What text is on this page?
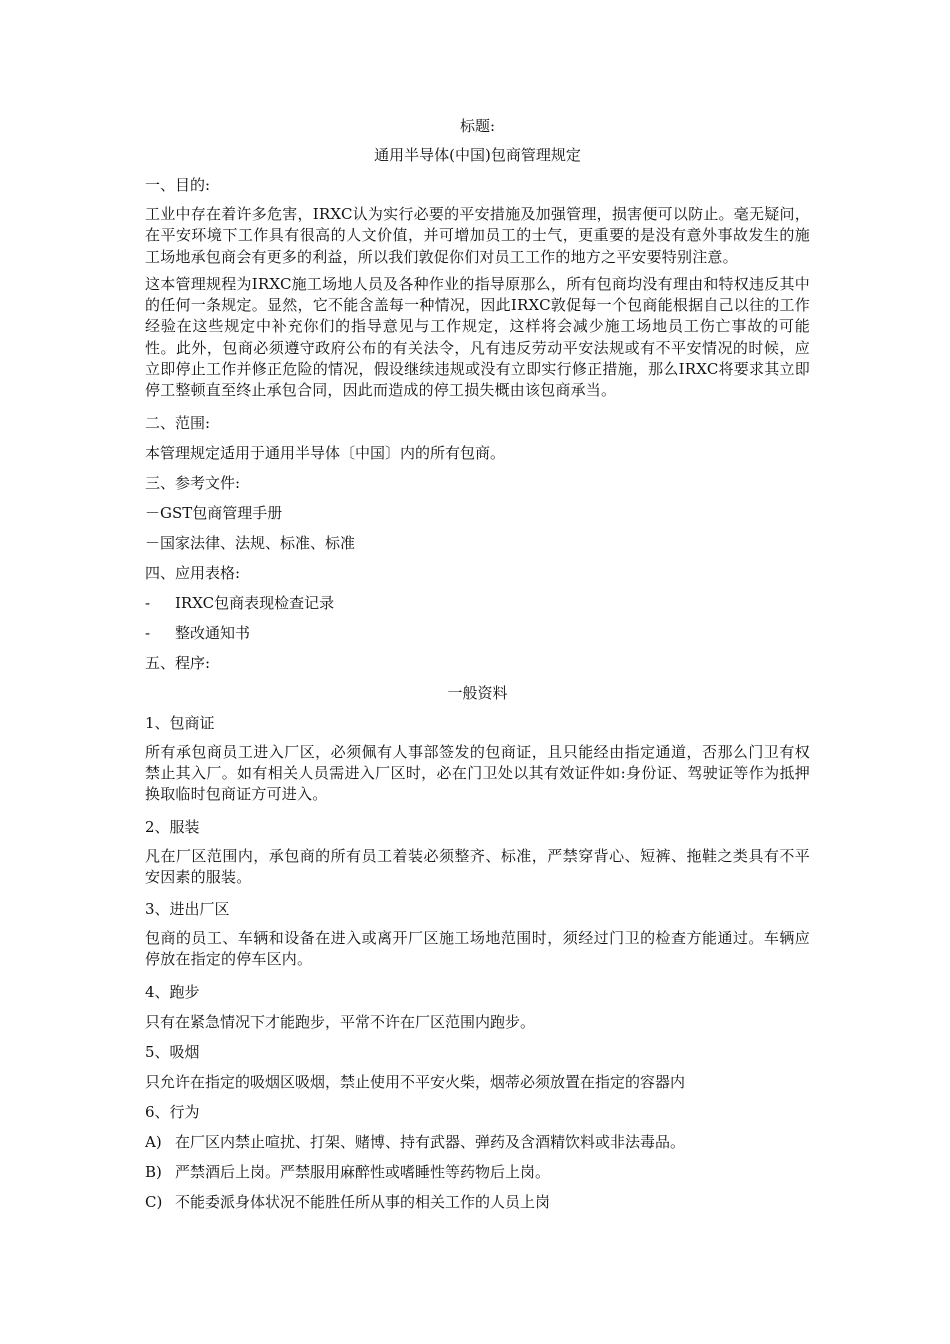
标题:
通用半导体(中国)包商管理规定
一、目的:
工业中存在着许多危害，IRXC认为实行必要的平安措施及加强管理，损害便可以防止。毫无疑问，在平安环境下工作具有很高的人文价值，并可增加员工的士气，更重要的是没有意外事故发生的施工场地承包商会有更多的利益，所以我们敦促你们对员工工作的地方之平安要特别注意。
这本管理规程为IRXC施工场地人员及各种作业的指导原那么，所有包商均没有理由和特权违反其中的任何一条规定。显然，它不能含盖每一种情况，因此IRXC敦促每一个包商能根据自己以往的工作经验在这些规定中补充你们的指导意见与工作规定，这样将会减少施工场地员工伤亡事故的可能性。此外，包商必须遵守政府公布的有关法令，凡有违反劳动平安法规或有不平安情况的时候，应立即停止工作并修正危险的情况，假设继续违规或没有立即实行修正措施，那么IRXC将要求其立即停工整顿直至终止承包合同，因此而造成的停工损失概由该包商承当。
二、范围:
本管理规定适用于通用半导体〔中国〕内的所有包商。
三、参考文件:
－GST包商管理手册
－国家法律、法规、标准、标准
四、应用表格:
- IRXC包商表现检查记录
- 整改通知书
五、程序:
一般资料
1、包商证
所有承包商员工进入厂区，必须佩有人事部签发的包商证，且只能经由指定通道，否那么门卫有权禁止其入厂。如有相关人员需进入厂区时，必在门卫处以其有效证件如:身份证、驾驶证等作为抵押换取临时包商证方可进入。
2、服装
凡在厂区范围内，承包商的所有员工着装必须整齐、标准，严禁穿背心、短裤、拖鞋之类具有不平安因素的服装。
3、进出厂区
包商的员工、车辆和设备在进入或离开厂区施工场地范围时，须经过门卫的检查方能通过。车辆应停放在指定的停车区内。
4、跑步
只有在紧急情况下才能跑步，平常不许在厂区范围内跑步。
5、吸烟
只允许在指定的吸烟区吸烟，禁止使用不平安火柴，烟蒂必须放置在指定的容器内
6、行为
A) 在厂区内禁止喧扰、打架、赌博、持有武器、弹药及含酒精饮料或非法毒品。
B) 严禁酒后上岗。严禁服用麻醉性或嗜睡性等药物后上岗。
C) 不能委派身体状况不能胜任所从事的相关工作的人员上岗
